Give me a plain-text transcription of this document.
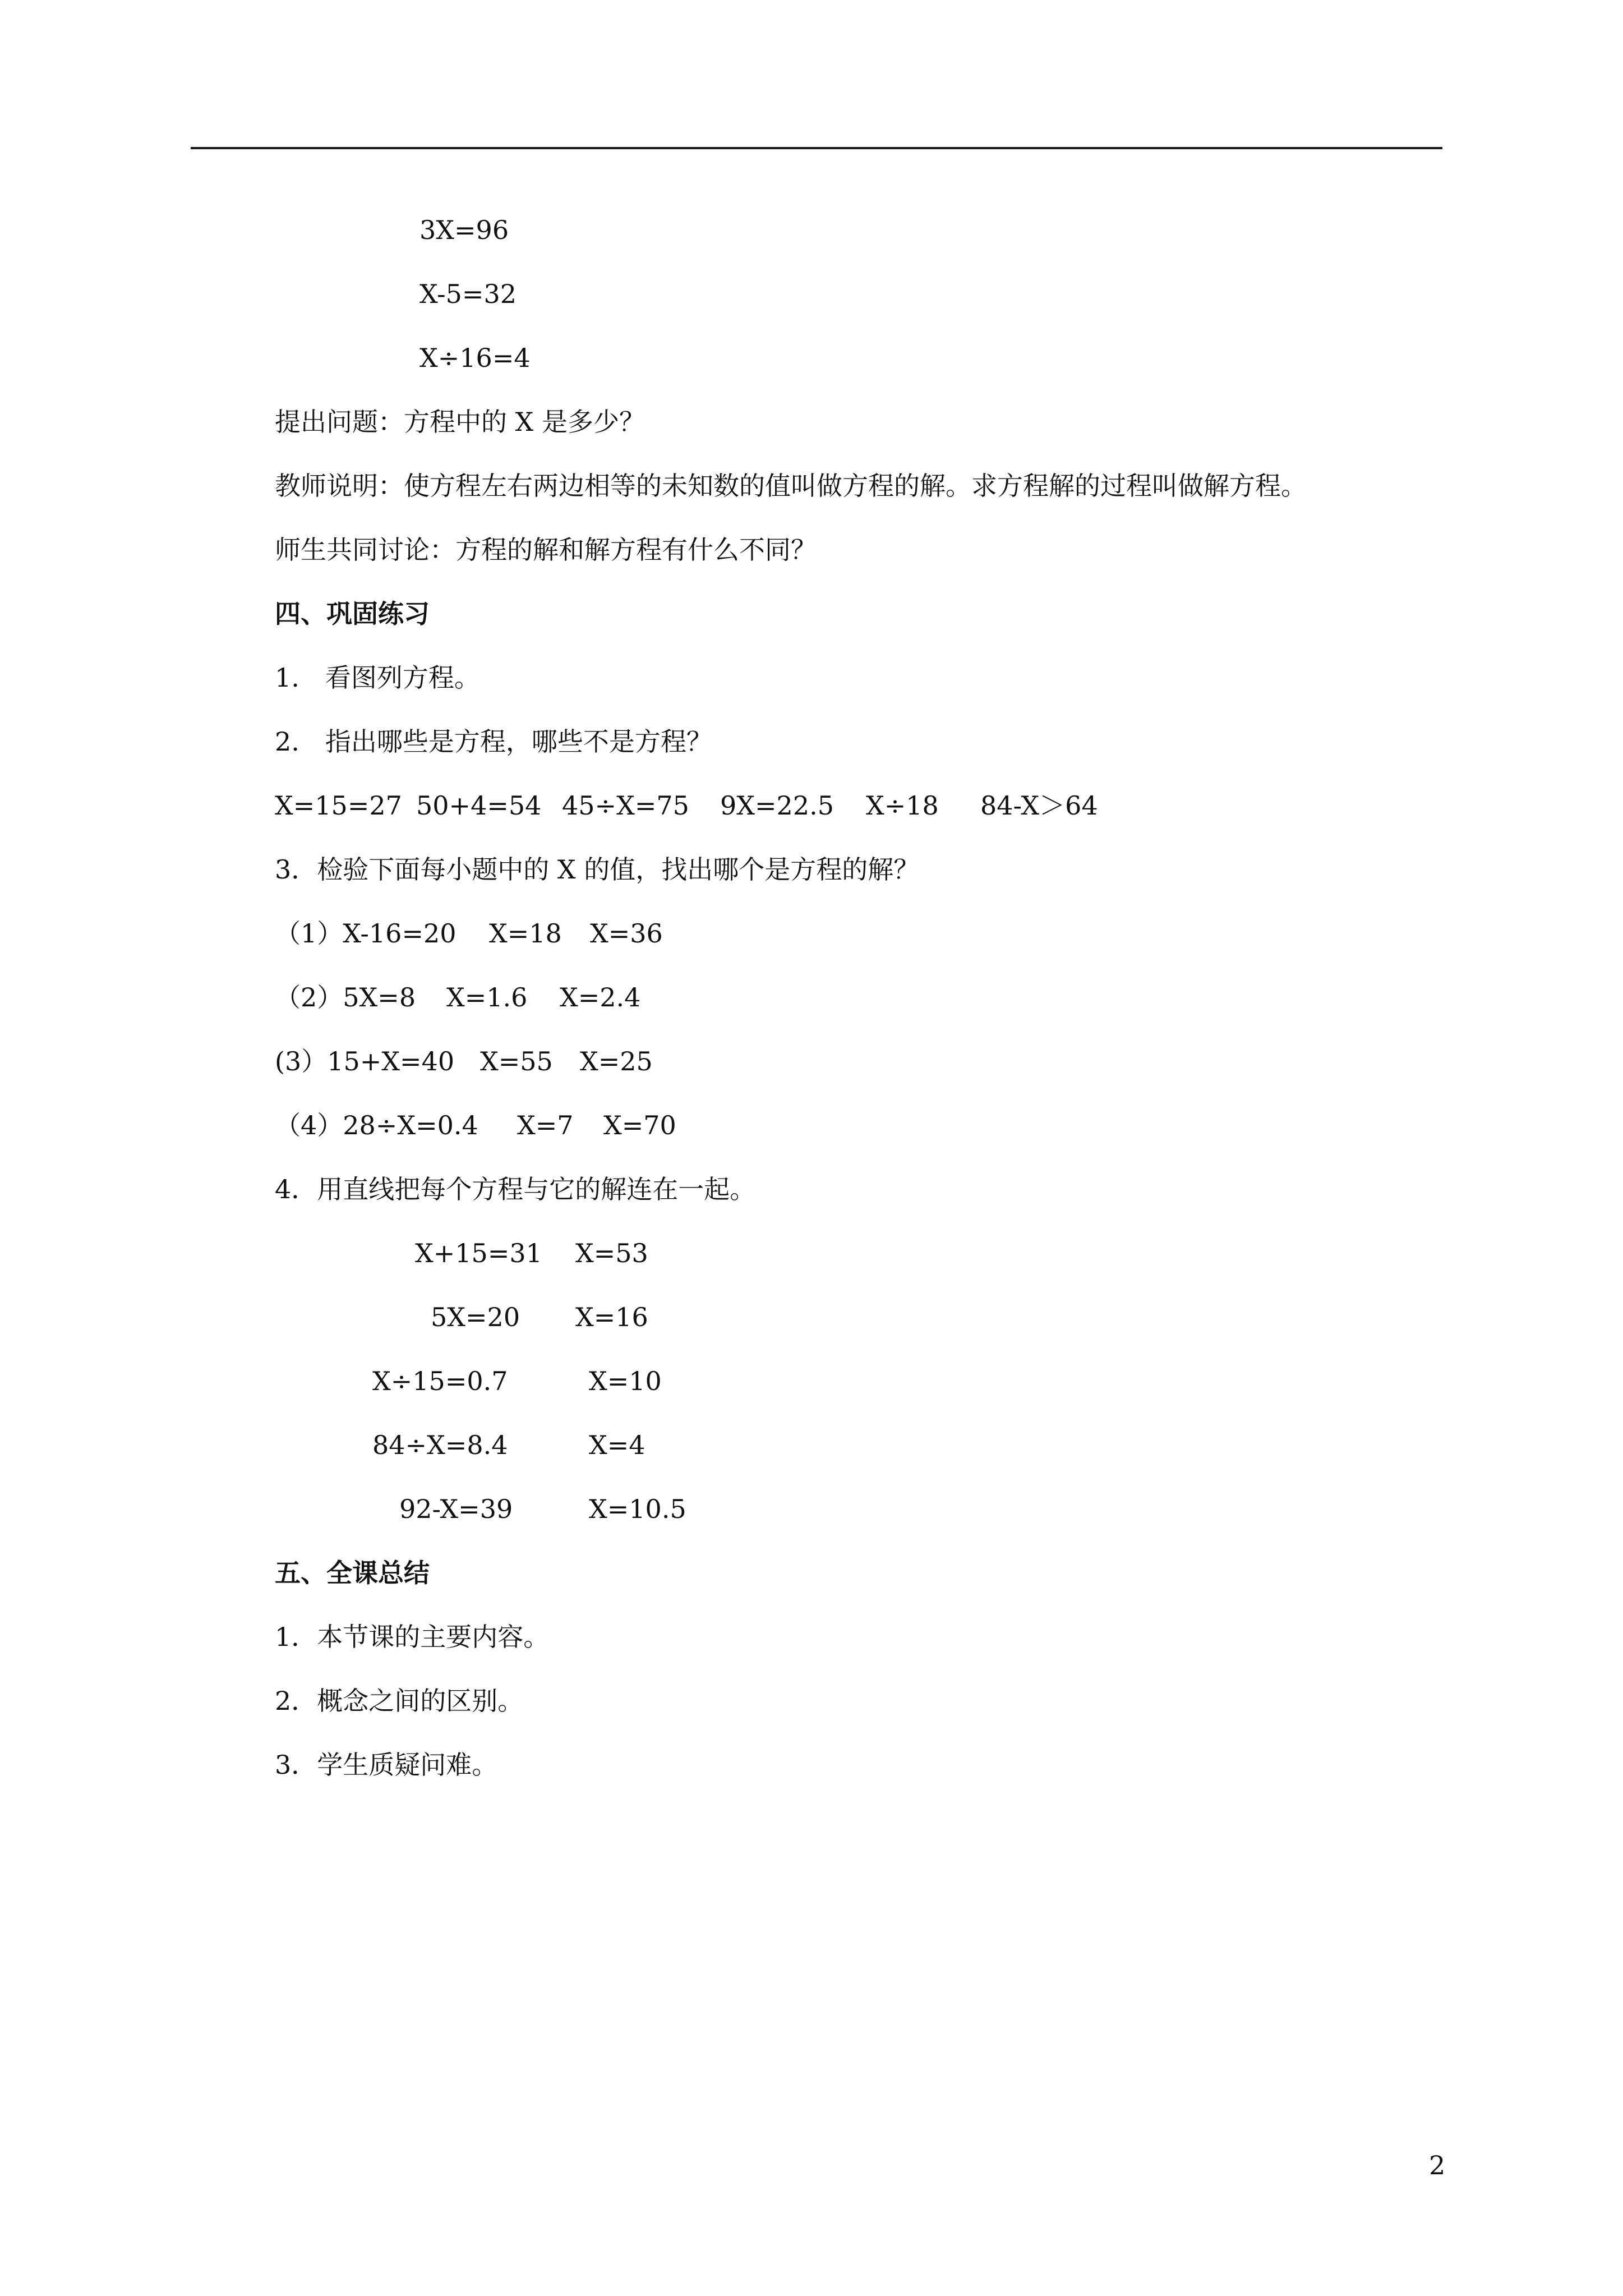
3X=96
X-5=32
X÷16=4
提出问题：方程中的 X 是多少？
教师说明：使方程左右两边相等的未知数的值叫做方程的解。求方程解的过程叫做解方程。
师生共同讨论：方程的解和解方程有什么不同？
四、巩固练习
1.　看图列方程。
2.　指出哪些是方程，哪些不是方程？
X=15=27 50+4=54 45÷X=75 9X=22.5 X÷18 84-X＞64
3．检验下面每小题中的 X 的值，找出哪个是方程的解？
（1）X-16=20 X=18 X=36
（2）5X=8 X=1.6 X=2.4
(3）15+X=40 X=55 X=25
（4）28÷X=0.4 X=7 X=70
4．用直线把每个方程与它的解连在一起。
X+15=31 X=53
5X=20 X=16
X÷15=0.7	X=10
84÷X=8.4	X=4
92-X=39	X=10.5
五、全课总结
1．本节课的主要内容。
2．概念之间的区别。
3．学生质疑问难。
2
